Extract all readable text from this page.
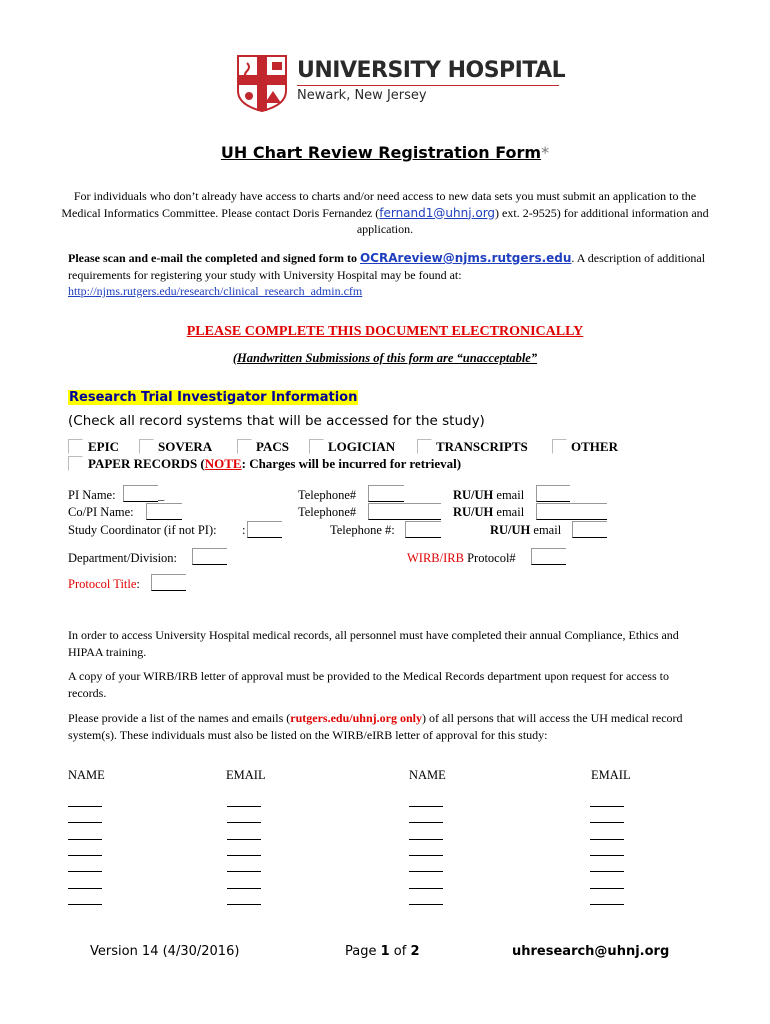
UNIVERSITY HOSPITAL
Newark, New Jersey
UH Chart Review Registration Form*
For individuals who don’t already have access to charts and/or need access to new data sets you must submit an application to the Medical Informatics Committee. Please contact Doris Fernandez (fernand1@uhnj.org) ext. 2-9525) for additional information and application.
Please scan and e-mail the completed and signed form to OCRAreview@njms.rutgers.edu. A description of additional requirements for registering your study with University Hospital may be found at: http://njms.rutgers.edu/research/clinical_research_admin.cfm
PLEASE COMPLETE THIS DOCUMENT ELECTRONICALLY
(Handwritten Submissions of this form are “unacceptable”
Research Trial Investigator Information
(Check all record systems that will be accessed for the study)
EPIC	SOVERA	PACS	LOGICIAN	TRANSCRIPTS	OTHER
PAPER RECORDS (NOTE: Charges will be incurred for retrieval)
PI Name:	_	Telephone#	RU/UH email
Co/PI Name:	Telephone#	RU/UH email
Study Coordinator (if not PI): :	Telephone #:	RU/UH email
Department/Division:	WIRB/IRB Protocol#
Protocol Title:
In order to access University Hospital medical records, all personnel must have completed their annual Compliance, Ethics and HIPAA training.
A copy of your WIRB/IRB letter of approval must be provided to the Medical Records department upon request for access to records.
Please provide a list of the names and emails (rutgers.edu/uhnj.org only) of all persons that will access the UH medical record system(s). These individuals must also be listed on the WIRB/eIRB letter of approval for this study:
NAME	EMAIL	NAME	EMAIL
Version 14 (4/30/2016)	Page 1 of 2	uhresearch@uhnj.org
